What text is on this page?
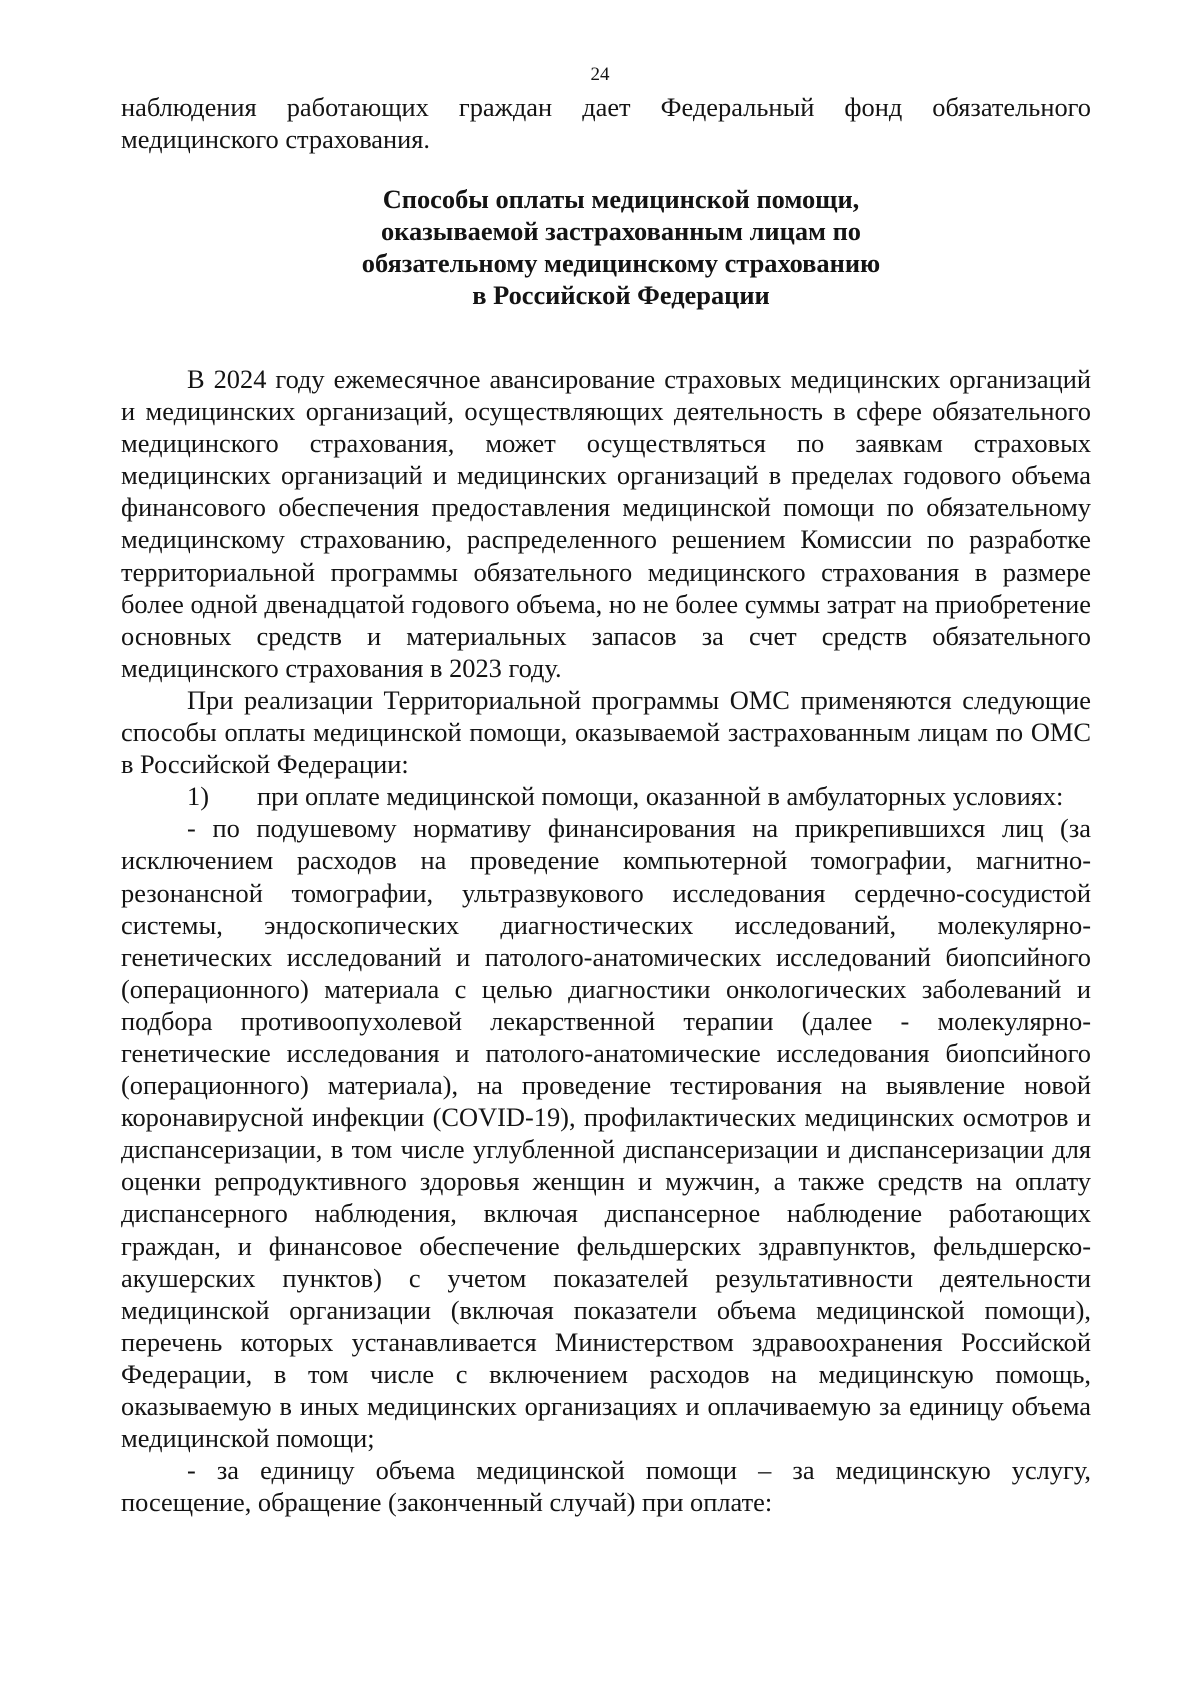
24

наблюдения работающих граждан дает Федеральный фонд обязательного медицинского страхования.

Способы оплаты медицинской помощи,
оказываемой застрахованным лицам по
обязательному медицинскому страхованию
в Российской Федерации

В 2024 году ежемесячное авансирование страховых медицинских организаций и медицинских организаций, осуществляющих деятельность в сфере обязательного медицинского страхования, может осуществляться по заявкам страховых медицинских организаций и медицинских организаций в пределах годового объема финансового обеспечения предоставления медицинской помощи по обязательному медицинскому страхованию, распределенного решением Комиссии по разработке территориальной программы обязательного медицинского страхования в размере более одной двенадцатой годового объема, но не более суммы затрат на приобретение основных средств и материальных запасов за счет средств обязательного медицинского страхования в 2023 году.

При реализации Территориальной программы ОМС применяются следующие способы оплаты медицинской помощи, оказываемой застрахованным лицам по ОМС в Российской Федерации:

1) при оплате медицинской помощи, оказанной в амбулаторных условиях:

- по подушевому нормативу финансирования на прикрепившихся лиц (за исключением расходов на проведение компьютерной томографии, магнитно-резонансной томографии, ультразвукового исследования сердечно-сосудистой системы, эндоскопических диагностических исследований, молекулярно-генетических исследований и патолого-анатомических исследований биопсийного (операционного) материала с целью диагностики онкологических заболеваний и подбора противоопухолевой лекарственной терапии (далее - молекулярно-генетические исследования и патолого-анатомические исследования биопсийного (операционного) материала), на проведение тестирования на выявление новой коронавирусной инфекции (COVID-19), профилактических медицинских осмотров и диспансеризации, в том числе углубленной диспансеризации и диспансеризации для оценки репродуктивного здоровья женщин и мужчин, а также средств на оплату диспансерного наблюдения, включая диспансерное наблюдение работающих граждан, и финансовое обеспечение фельдшерских здравпунктов, фельдшерско-акушерских пунктов) с учетом показателей результативности деятельности медицинской организации (включая показатели объема медицинской помощи), перечень которых устанавливается Министерством здравоохранения Российской Федерации, в том числе с включением расходов на медицинскую помощь, оказываемую в иных медицинских организациях и оплачиваемую за единицу объема медицинской помощи;

- за единицу объема медицинской помощи – за медицинскую услугу, посещение, обращение (законченный случай) при оплате:
